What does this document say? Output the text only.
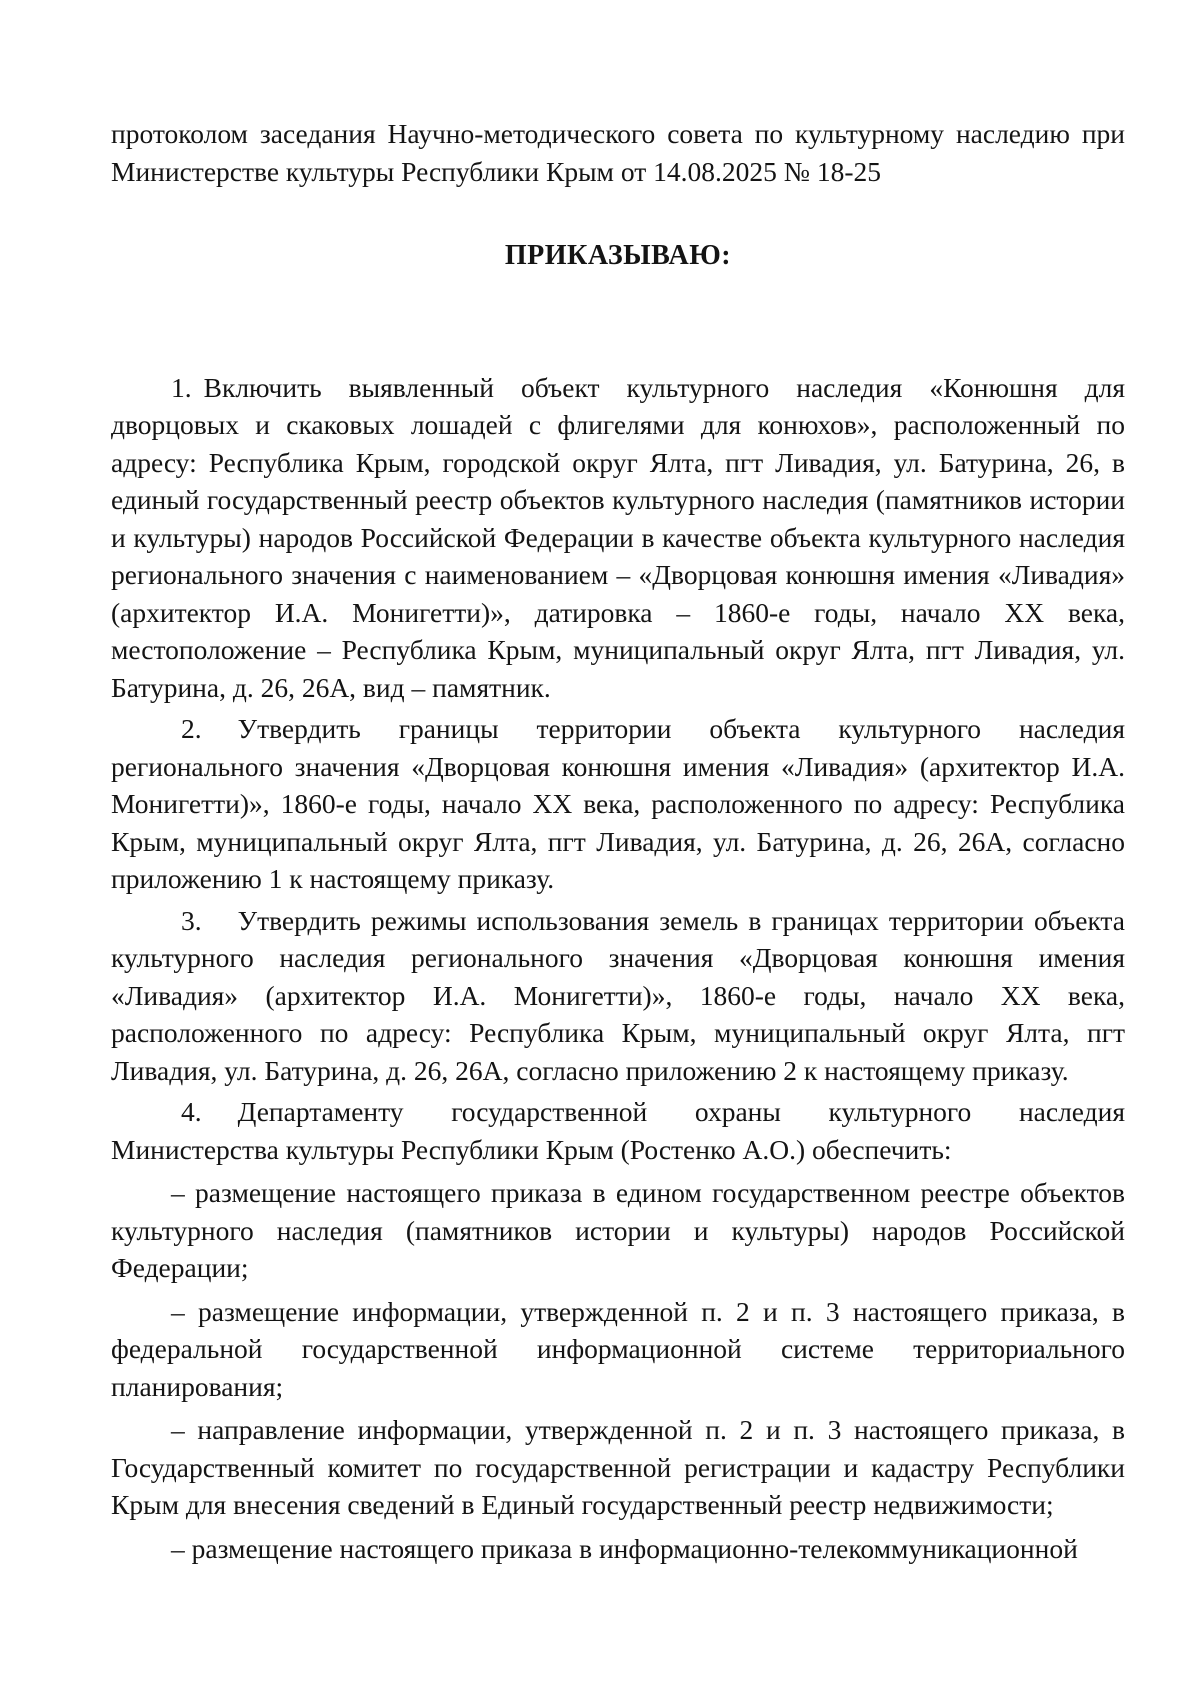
протоколом заседания Научно-методического совета по культурному наследию при Министерстве культуры Республики Крым от 14.08.2025 № 18-25

ПРИКАЗЫВАЮ:

1. Включить выявленный объект культурного наследия «Конюшня для дворцовых и скаковых лошадей с флигелями для конюхов», расположенный по адресу: Республика Крым, городской округ Ялта, пгт Ливадия, ул. Батурина, 26, в единый государственный реестр объектов культурного наследия (памятников истории и культуры) народов Российской Федерации в качестве объекта культурного наследия регионального значения с наименованием – «Дворцовая конюшня имения «Ливадия» (архитектор И.А. Монигетти)», датировка – 1860-е годы, начало XX века, местоположение – Республика Крым, муниципальный округ Ялта, пгт Ливадия, ул. Батурина, д. 26, 26А, вид – памятник.

2. Утвердить границы территории объекта культурного наследия регионального значения «Дворцовая конюшня имения «Ливадия» (архитектор И.А. Монигетти)», 1860-е годы, начало XX века, расположенного по адресу: Республика Крым, муниципальный округ Ялта, пгт Ливадия, ул. Батурина, д. 26, 26А, согласно приложению 1 к настоящему приказу.

3. Утвердить режимы использования земель в границах территории объекта культурного наследия регионального значения «Дворцовая конюшня имения «Ливадия» (архитектор И.А. Монигетти)», 1860-е годы, начало XX века, расположенного по адресу: Республика Крым, муниципальный округ Ялта, пгт Ливадия, ул. Батурина, д. 26, 26А, согласно приложению 2 к настоящему приказу.

4. Департаменту государственной охраны культурного наследия Министерства культуры Республики Крым (Ростенко А.О.) обеспечить:

– размещение настоящего приказа в едином государственном реестре объектов культурного наследия (памятников истории и культуры) народов Российской Федерации;

– размещение информации, утвержденной п. 2 и п. 3 настоящего приказа, в федеральной государственной информационной системе территориального планирования;

– направление информации, утвержденной п. 2 и п. 3 настоящего приказа, в Государственный комитет по государственной регистрации и кадастру Республики Крым для внесения сведений в Единый государственный реестр недвижимости;

– размещение настоящего приказа в информационно-телекоммуникационной
